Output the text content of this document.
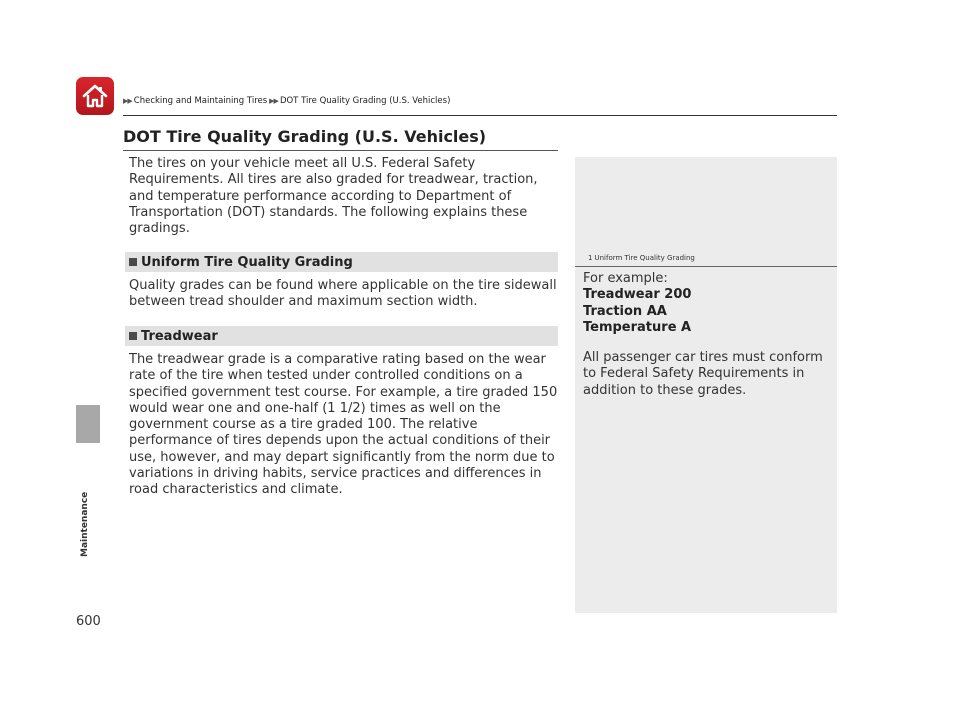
▶▶ Checking and Maintaining Tires ▶▶ DOT Tire Quality Grading (U.S. Vehicles)
Maintenance
600
DOT Tire Quality Grading (U.S. Vehicles)

The tires on your vehicle meet all U.S. Federal Safety Requirements. All tires are also graded for treadwear, traction, and temperature performance according to Department of Transportation (DOT) standards. The following explains these gradings.

Uniform Tire Quality Grading

Quality grades can be found where applicable on the tire sidewall between tread shoulder and maximum section width.

Treadwear

The treadwear grade is a comparative rating based on the wear rate of the tire when tested under controlled conditions on a specified government test course. For example, a tire graded 150 would wear one and one-half (1 1/2) times as well on the government course as a tire graded 100. The relative performance of tires depends upon the actual conditions of their use, however, and may depart significantly from the norm due to variations in driving habits, service practices and differences in road characteristics and climate.

1 Uniform Tire Quality Grading
For example:
Treadwear 200
Traction AA
Temperature A
All passenger car tires must conform to Federal Safety Requirements in addition to these grades.
